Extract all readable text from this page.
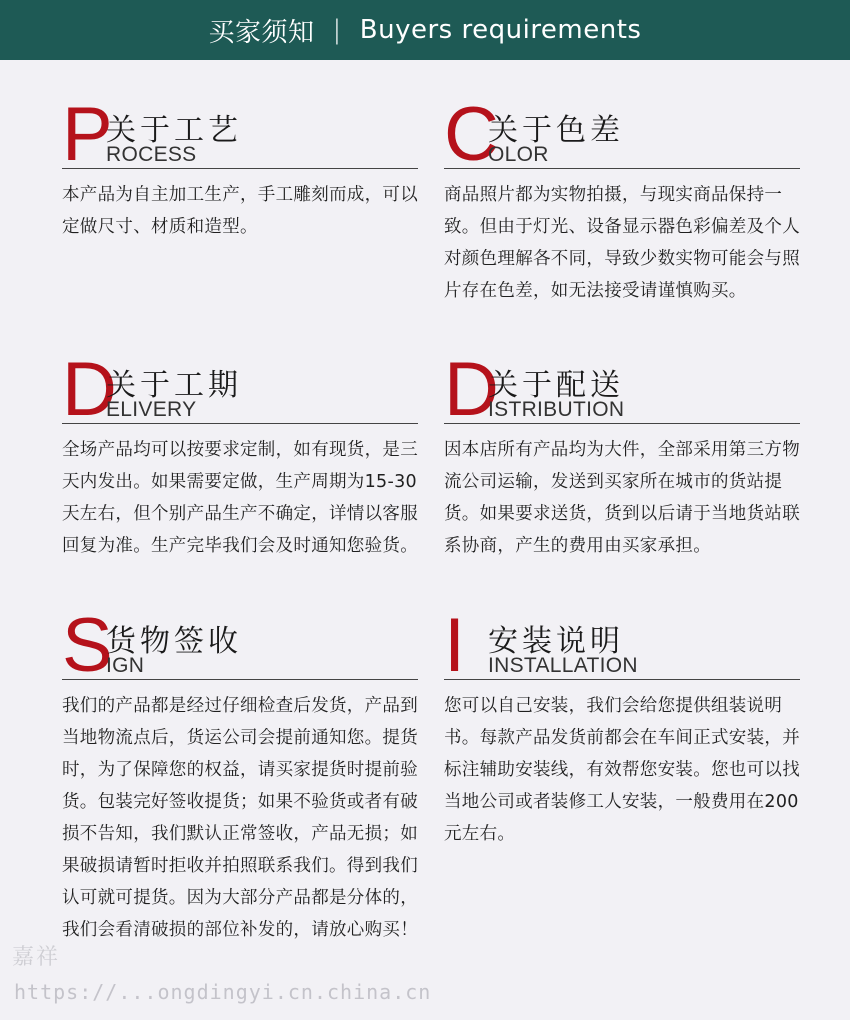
买家须知 | Buyers requirements
P
关于工艺
ROCESS

本产品为自主加工生产，手工雕刻而成，可以定做尺寸、材质和造型。

C
关于色差
OLOR

商品照片都为实物拍摄，与现实商品保持一致。但由于灯光、设备显示器色彩偏差及个人对颜色理解各不同，导致少数实物可能会与照片存在色差，如无法接受请谨慎购买。

D
关于工期
ELIVERY

全场产品均可以按要求定制，如有现货，是三天内发出。如果需要定做，生产周期为15-30天左右，但个别产品生产不确定，详情以客服回复为准。生产完毕我们会及时通知您验货。

D
关于配送
ISTRIBUTION

因本店所有产品均为大件，全部采用第三方物流公司运输，发送到买家所在城市的货站提货。如果要求送货，货到以后请于当地货站联系协商，产生的费用由买家承担。

S
货物签收
IGN

我们的产品都是经过仔细检查后发货，产品到当地物流点后，货运公司会提前通知您。提货时，为了保障您的权益，请买家提货时提前验货。包装完好签收提货；如果不验货或者有破损不告知，我们默认正常签收，产品无损；如果破损请暂时拒收并拍照联系我们。得到我们认可就可提货。因为大部分产品都是分体的，我们会看清破损的部位补发的，请放心购买！

I 安装说明
INSTALLATION

您可以自己安装，我们会给您提供组装说明书。每款产品发货前都会在车间正式安装，并标注辅助安装线，有效帮您安装。您也可以找当地公司或者装修工人安装，一般费用在200元左右。

嘉祥
https://...ongdingyi.cn.china.cn
